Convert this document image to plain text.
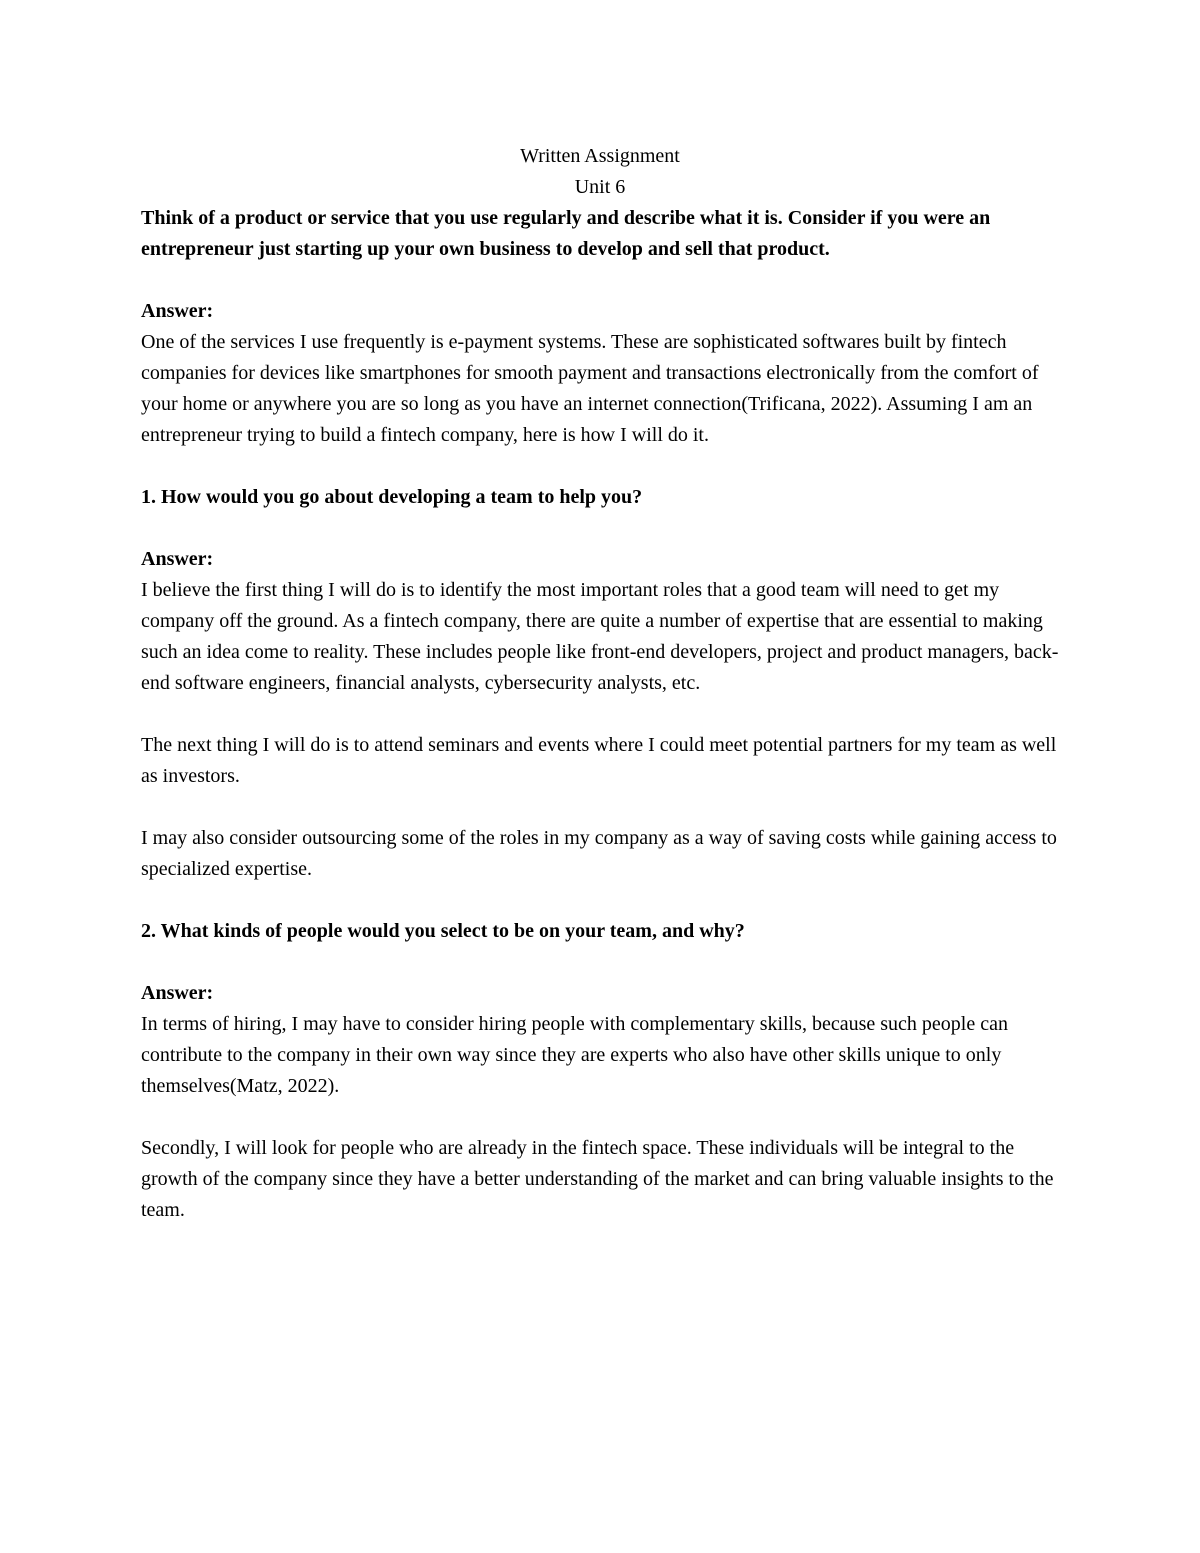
Written Assignment

Unit 6

Think of a product or service that you use regularly and describe what it is. Consider if you were an entrepreneur just starting up your own business to develop and sell that product.

Answer:

One of the services I use frequently is e-payment systems. These are sophisticated softwares built by fintech companies for devices like smartphones for smooth payment and transactions electronically from the comfort of your home or anywhere you are so long as you have an internet connection(Trificana, 2022). Assuming I am an entrepreneur trying to build a fintech company, here is how I will do it.

1. How would you go about developing a team to help you?

Answer:

I believe the first thing I will do is to identify the most important roles that a good team will need to get my company off the ground. As a fintech company, there are quite a number of expertise that are essential to making such an idea come to reality. These includes people like front-end developers, project and product managers, back-end software engineers, financial analysts, cybersecurity analysts, etc.

The next thing I will do is to attend seminars and events where I could meet potential partners for my team as well as investors.

I may also consider outsourcing some of the roles in my company as a way of saving costs while gaining access to specialized expertise.

2. What kinds of people would you select to be on your team, and why?

Answer:

In terms of hiring, I may have to consider hiring people with complementary skills, because such people can contribute to the company in their own way since they are experts who also have other skills unique to only themselves(Matz, 2022).

Secondly, I will look for people who are already in the fintech space. These individuals will be integral to the growth of the company since they have a better understanding of the market and can bring valuable insights to the team.
